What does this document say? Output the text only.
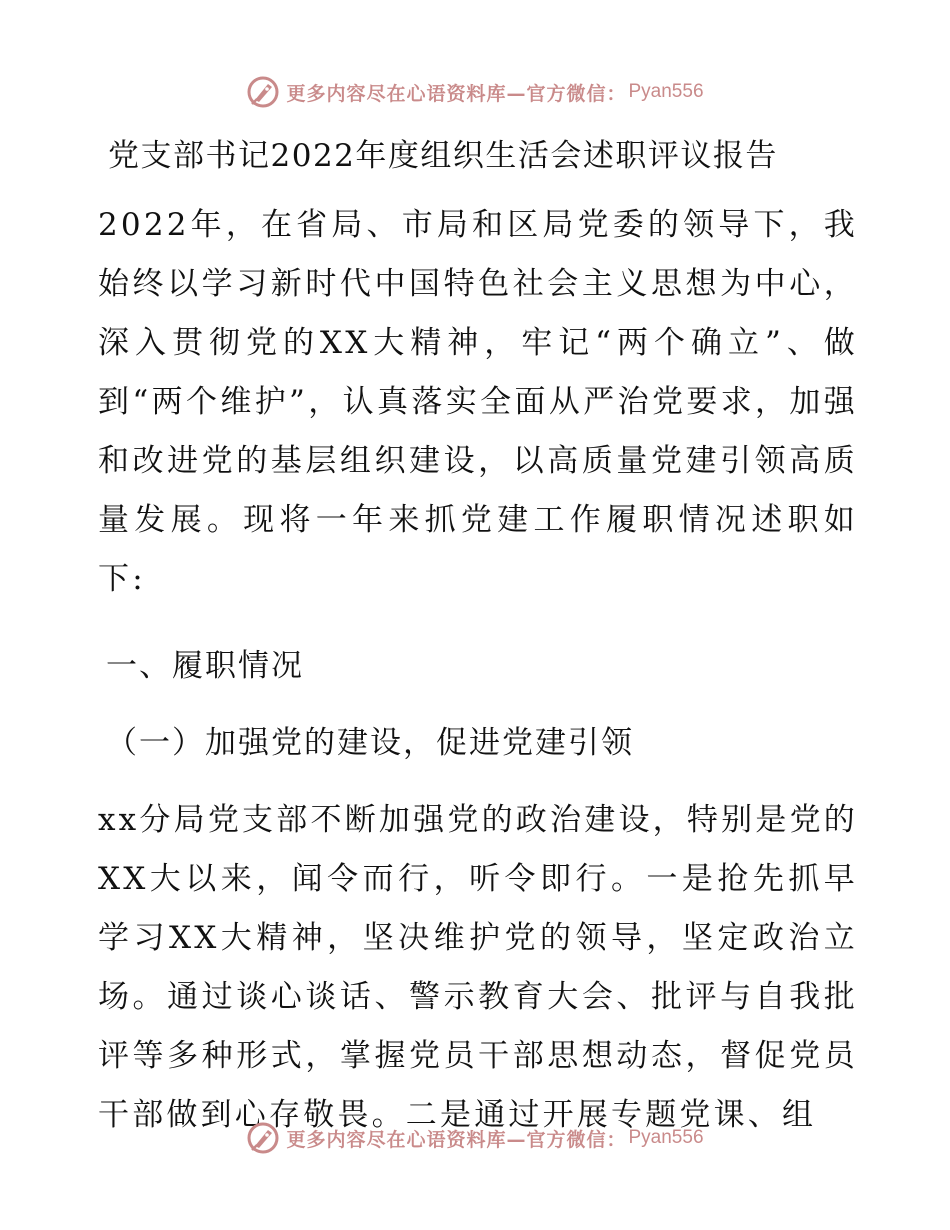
更多内容尽在心语资料库—官方微信： Pyan556
党支部书记2022年度组织生活会述职评议报告

2022年，在省局、市局和区局党委的领导下，我始终以学习新时代中国特色社会主义思想为中心，深入贯彻党的XX大精神，牢记“两个确立”、做到“两个维护”，认真落实全面从严治党要求，加强和改进党的基层组织建设，以高质量党建引领高质量发展。现将一年来抓党建工作履职情况述职如下:

一、履职情况
（一）加强党的建设，促进党建引领

xx分局党支部不断加强党的政治建设，特别是党的XX大以来，闻令而行，听令即行。一是抢先抓早学习XX大精神，坚决维护党的领导，坚定政治立场。通过谈心谈话、警示教育大会、批评与自我批评等多种形式，掌握党员干部思想动态，督促党员干部做到心存敬畏。二是通过开展专题党课、组

更多内容尽在心语资料库—官方微信： Pyan556
